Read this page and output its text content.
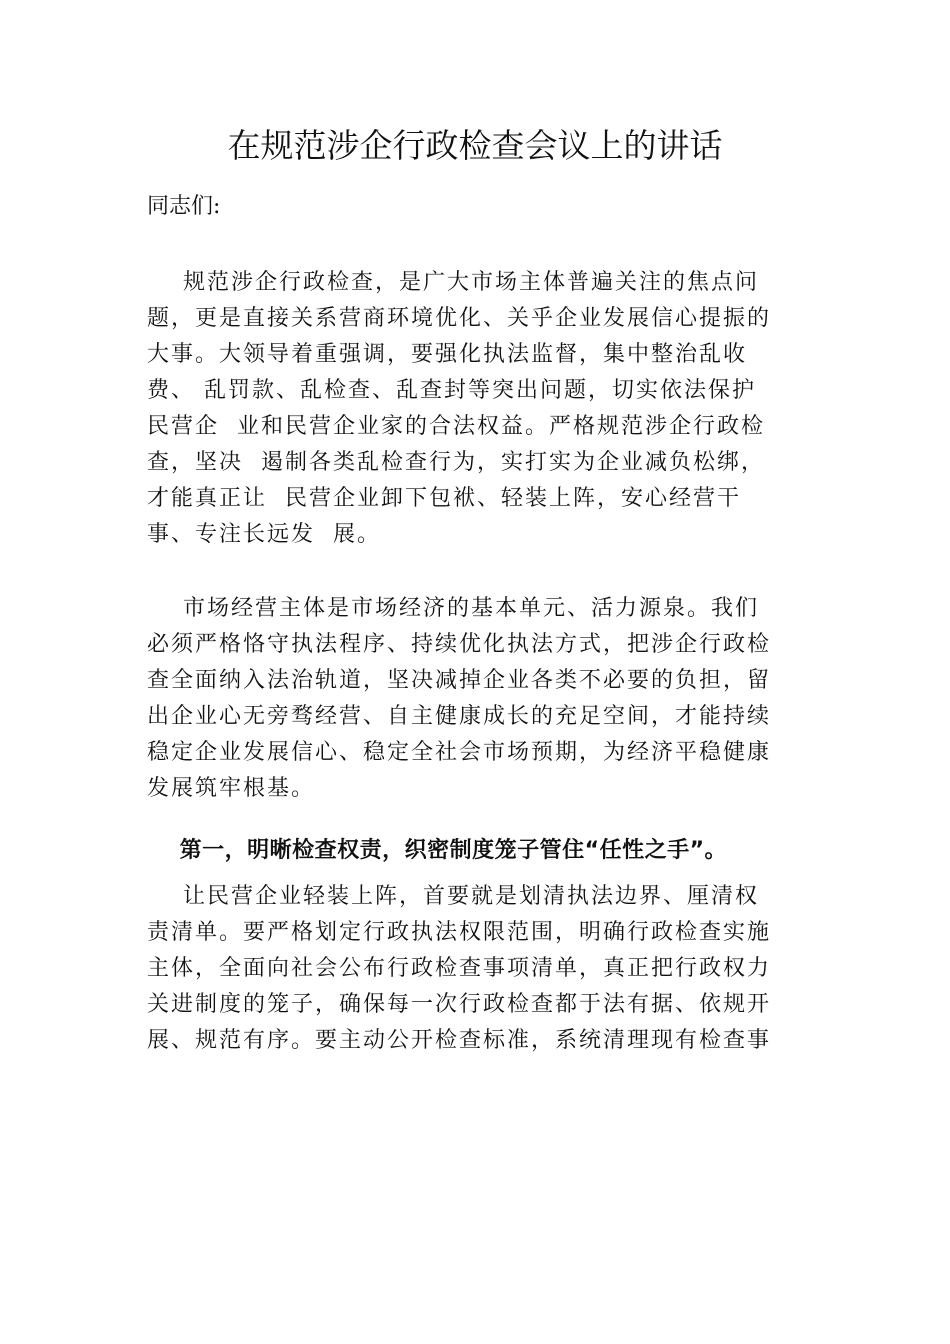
在规范涉企行政检查会议上的讲话

同志们:

规范涉企行政检查，是广大市场主体普遍关注的焦点问

题，更是直接关系营商环境优化、关乎企业发展信心提振的

大事。大领导着重强调，要强化执法监督，集中整治乱收

费、 乱罚款、乱检查、乱查封等突出问题，切实依法保护

民营企  业和民营企业家的合法权益。严格规范涉企行政检

查，坚决  遏制各类乱检查行为，实打实为企业减负松绑，

才能真正让  民营企业卸下包袱、轻装上阵，安心经营干

事、专注长远发  展。

市场经营主体是市场经济的基本单元、活力源泉。我们

必须严格恪守执法程序、持续优化执法方式，把涉企行政检

查全面纳入法治轨道，坚决减掉企业各类不必要的负担，留

出企业心无旁骛经营、自主健康成长的充足空间，才能持续

稳定企业发展信心、稳定全社会市场预期，为经济平稳健康

发展筑牢根基。

第一，明晰检查权责，织密制度笼子管住“任性之手”。

让民营企业轻装上阵，首要就是划清执法边界、厘清权

责清单。要严格划定行政执法权限范围，明确行政检查实施

主体，全面向社会公布行政检查事项清单，真正把行政权力

关进制度的笼子，确保每一次行政检查都于法有据、依规开

展、规范有序。要主动公开检查标准，系统清理现有检查事
